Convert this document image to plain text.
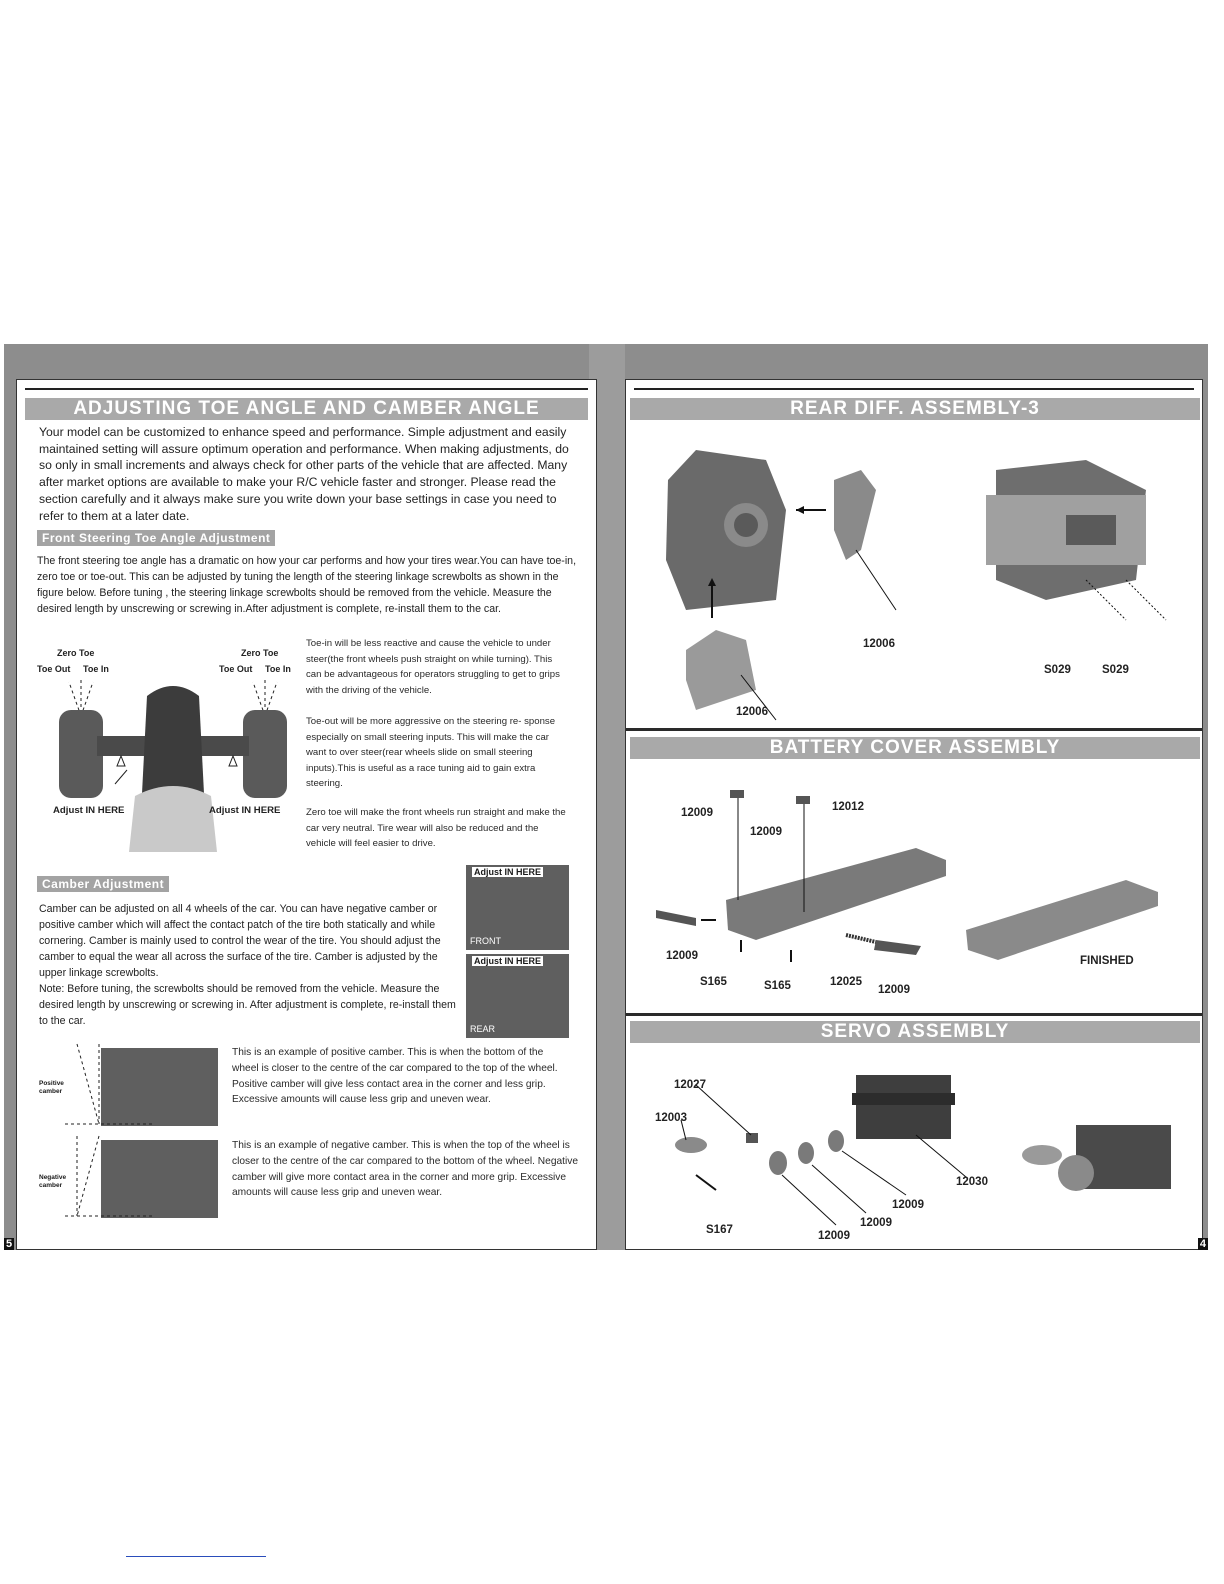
ADJUSTING TOE ANGLE AND CAMBER ANGLE
Your model can be customized to enhance speed and performance. Simple adjustment and easily maintained setting will assure optimum operation and performance. When making adjustments, do so only in small increments and always check for other parts of the vehicle that are affected. Many after market options are available to make your R/C vehicle faster and stronger. Please read the section carefully and it always make sure you write down your base settings in case you need to refer to them at a later date.
Front Steering Toe Angle Adjustment
The front steering toe angle has a dramatic on how your car performs and how your tires wear.You can have toe-in, zero toe or toe-out. This can be adjusted by tuning the length of the steering linkage screwbolts as shown in the figure below. Before tuning , the steering linkage screwbolts should be removed from the vehicle. Measure the desired length by unscrewing or screwing in.After adjustment is complete, re-install them to the car.
Zero Toe
Toe Out Toe In
Zero Toe
Toe Out Toe In
Adjust IN HERE	Adjust IN HERE
Toe-in will be less reactive and cause the vehicle to under steer(the front wheels push straight on while turning). This can be advantageous for operators struggling to get to grips with the driving of the vehicle.
Toe-out will be more aggressive on the steering re- sponse especially on small steering inputs. This will make the car want to over steer(rear wheels slide on small steering inputs).This is useful as a race tuning aid to gain extra steering.
Zero toe will make the front wheels run straight and make the car very neutral. Tire wear will also be reduced and the vehicle will feel easier to drive.
Camber Adjustment
Camber can be adjusted on all 4 wheels of the car. You can have negative camber or positive camber which will affect the contact patch of the tire both statically and while cornering. Camber is mainly used to control the wear of the tire. You should adjust the camber to equal the wear all across the surface of the tire. Camber is adjusted by the upper linkage screwbolts.
Note: Before tuning, the screwbolts should be removed from the vehicle. Measure the desired length by unscrewing or screwing in. After adjustment is complete, re-install them to the car.
Adjust IN HERE
FRONT
Adjust IN HERE
REAR
Positive camber
This is an example of positive camber. This is when the bottom of the wheel is closer to the centre of the car compared to the top of the wheel. Positive camber will give less contact area in the corner and less grip. Excessive amounts will cause less grip and uneven wear.
Negative camber
This is an example of negative camber. This is when the top of the wheel is closer to the centre of the car compared to the bottom of the wheel. Negative camber will give more contact area in the corner and more grip. Excessive amounts will cause less grip and uneven wear.
REAR DIFF. ASSEMBLY-3
12006
12006
S029	S029
BATTERY COVER ASSEMBLY
12009
12009
12012
12009
S165	S165	12025
12009
FINISHED
SERVO ASSEMBLY
12027
12003
12030
12009
12009
12009
S167
5	4
